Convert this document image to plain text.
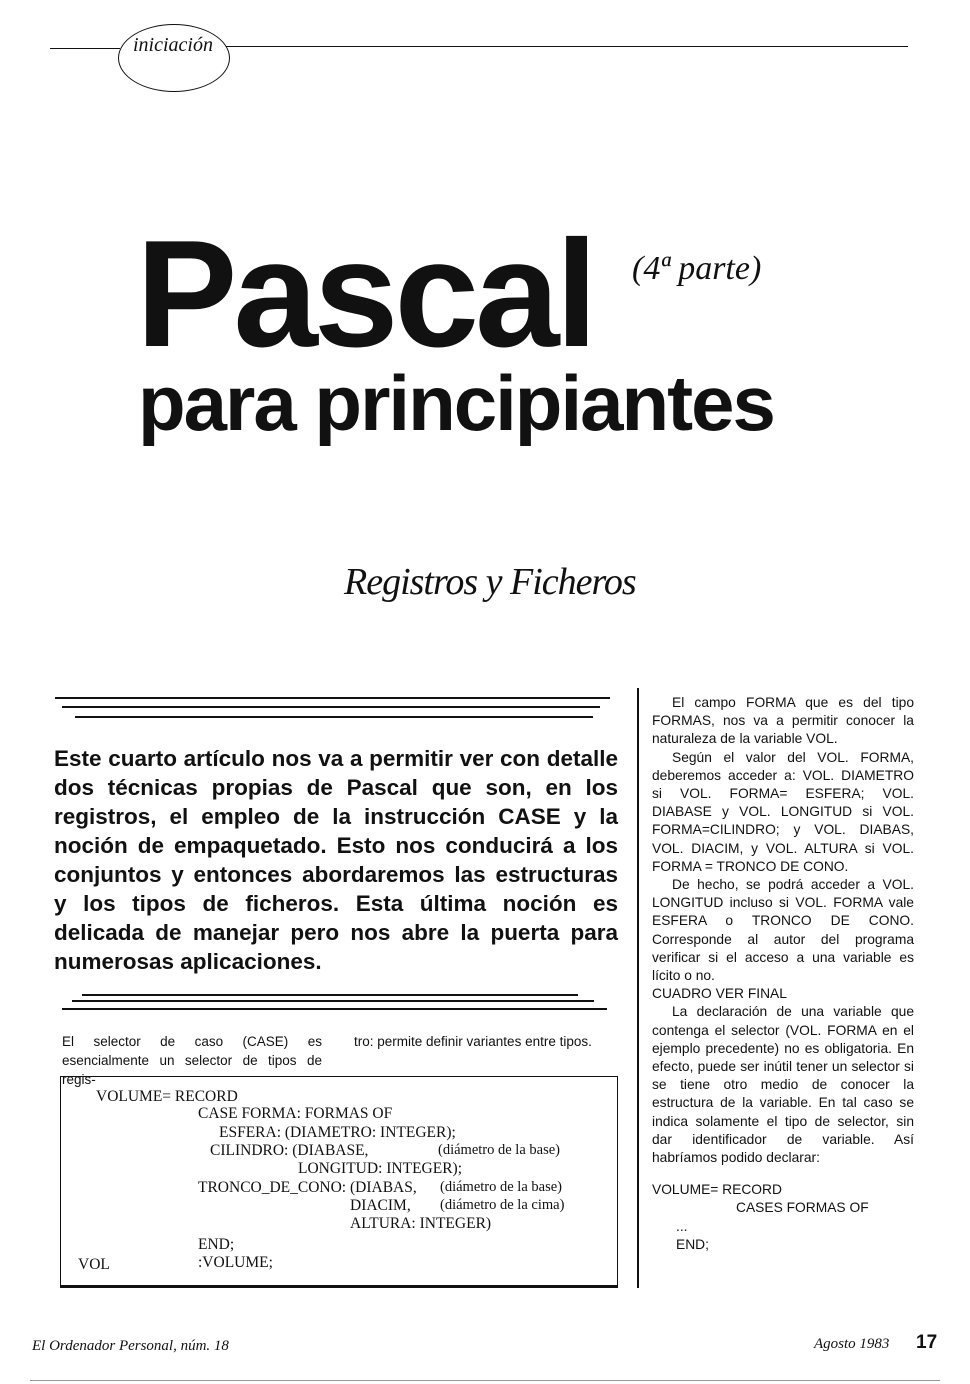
iniciación
Pascal (4ª parte)
para principiantes
Registros y Ficheros
Este cuarto artículo nos va a permitir ver con detalle dos técnicas propias de Pascal que son, en los registros, el empleo de la instrucción CASE y la noción de empaquetado. Esto nos conducirá a los conjuntos y entonces abordaremos las estructuras y los tipos de ficheros. Esta última noción es delicada de manejar pero nos abre la puerta para numerosas aplicaciones.
El selector de caso (CASE) es esencialmente un selector de tipos de regis-
tro: permite definir variantes entre tipos.
VOLUME= RECORD
CASE FORMA: FORMAS OF
ESFERA: (DIAMETRO: INTEGER);
CILINDRO: (DIABASE,	(diámetro de la base)
LONGITUD: INTEGER);
TRONCO_DE_CONO: (DIABAS, (diámetro de la base)
DIACIM, (diámetro de la cima)
ALTURA: INTEGER)
END;
VOL	:VOLUME;

El campo FORMA que es del tipo FORMAS, nos va a permitir conocer la naturaleza de la variable VOL.

Según el valor del VOL. FORMA, deberemos acceder a: VOL. DIAMETRO si VOL. FORMA= ESFERA; VOL. DIABASE y VOL. LONGITUD si VOL. FORMA=CILINDRO; y VOL. DIABAS, VOL. DIACIM, y VOL. ALTURA si VOL. FORMA = TRONCO DE CONO.

De hecho, se podrá acceder a VOL. LONGITUD incluso si VOL. FORMA vale ESFERA o TRONCO DE CONO. Corresponde al autor del programa verificar si el acceso a una variable es lícito o no.

CUADRO VER FINAL

La declaración de una variable que contenga el selector (VOL. FORMA en el ejemplo precedente) no es obligatoria. En efecto, puede ser inútil tener un selector si se tiene otro medio de conocer la estructura de la variable. En tal caso se indica solamente el tipo de selector, sin dar identificador de variable. Así habríamos podido declarar:

VOLUME= RECORD
CASES FORMAS OF
...
END;
El Ordenador Personal, núm. 18	Agosto 1983 17
